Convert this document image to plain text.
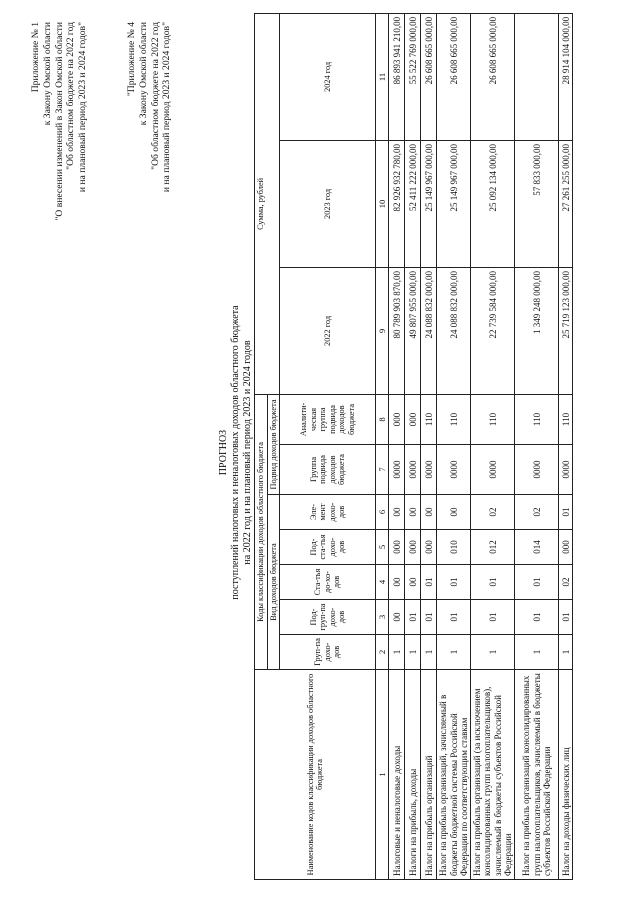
Приложение № 1 к Закону Омской области "О внесении изменений в Закон Омской области "Об областном бюджете на 2022 год и на плановый период 2023 и 2024 годов"	"Приложение № 4 к Закону Омской области "Об областном бюджете на 2022 год и на плановый период 2023 и 2024 годов"
ПРОГНОЗ поступлений налоговых и неналоговых доходов областного бюджета на 2022 год и на плановый период 2023 и 2024 годов
Наименование кодов классификации доходов областного бюджета	Коды классификации доходов областного бюджета							Сумма, рублей		
	Вид доходов бюджета					Подвид доходов бюджета				
	Груп-па дохо-дов	Под-груп-па дохо-дов	Ста-тья до-хо-дов	Под-ста-тья дохо-дов	Эле-мент дохо-дов	Группа подвида доходов бюджета	Аналити-ческая группа подвида доходов бюджета	2022 год	2023 год	2024 год
1	2	3	4	5	6	7	8	9	10	11
Налоговые и неналоговые доходы	1	00	00	000	00	0000	000	80 789 903 870,00	82 926 932 780,00	86 893 941 210,00
Налоги на прибыль, доходы	1	01	00	000	00	0000	000	49 807 955 000,00	52 411 222 000,00	55 522 769 000,00
Налог на прибыль организаций	1	01	01	000	00	0000	110	24 088 832 000,00	25 149 967 000,00	26 608 665 000,00
Налог на прибыль организаций, зачисляемый в бюджеты бюджетной системы Российской Федерации по соответствующим ставкам	1	01	01	010	00	0000	110	24 088 832 000,00	25 149 967 000,00	26 608 665 000,00
Налог на прибыль организаций (за исключением консолидированных групп налогоплательщиков), зачисляемый в бюджеты субъектов Российской Федерации	1	01	01	012	02	0000	110	22 739 584 000,00	25 092 134 000,00	26 608 665 000,00
Налог на прибыль организаций консолидированных групп налогоплательщиков, зачисляемый в бюджеты субъектов Российской Федерации	1	01	01	014	02	0000	110	1 349 248 000,00	57 833 000,00	
Налог на доходы физических лиц	1	01	02	000	01	0000	110	25 719 123 000,00	27 261 255 000,00	28 914 104 000,00
